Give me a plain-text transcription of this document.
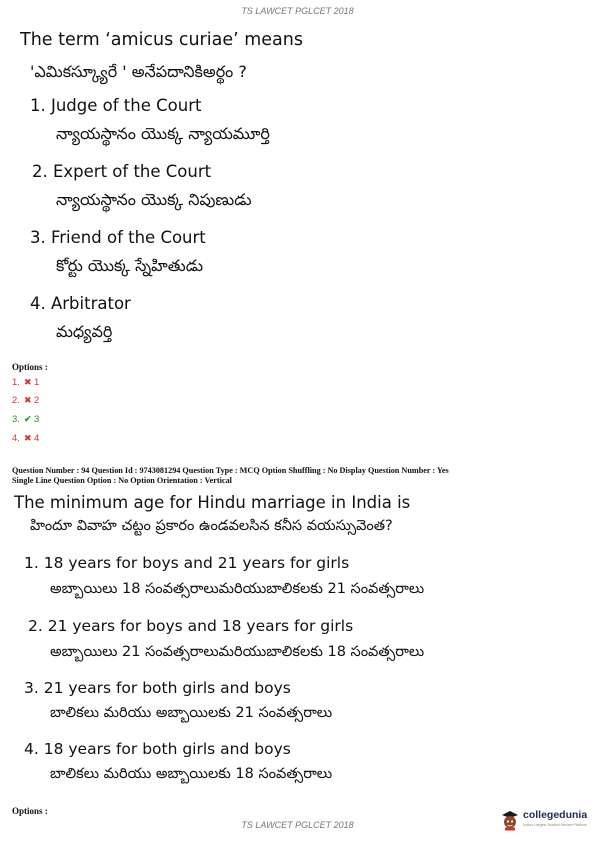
TS LAWCET PGLCET 2018
The term ‘amicus curiae’ means
'ఎమికస్క్యూరే ' అనేపదానికిఅర్థం ?
1. Judge of the Court
న్యాయస్థానం యొక్క న్యాయమూర్తి
2. Expert of the Court
న్యాయస్థానం యొక్క నిపుణుడు
3. Friend of the Court
కోర్టు యొక్క స్నేహితుడు
4. Arbitrator
మధ్యవర్తి
Options :
1. ✖ 1
2. ✖ 2
3. ✔ 3
4. ✖ 4
Question Number : 94 Question Id : 9743081294 Question Type : MCQ Option Shuffling : No Display Question Number : Yes
Single Line Question Option : No Option Orientation : Vertical
The minimum age for Hindu marriage in India is
హిందూ వివాహ చట్టం ప్రకారం ఉండవలసిన కనీస వయస్సువెంత?
1. 18 years for boys and 21 years for girls
అబ్బాయిలు 18 సంవత్సరాలుమరియుబాలికలకు 21 సంవత్సరాలు
2. 21 years for boys and 18 years for girls
అబ్బాయిలు 21 సంవత్సరాలుమరియుబాలికలకు 18 సంవత్సరాలు
3. 21 years for both girls and boys
బాలికలు మరియు అబ్బాయిలకు 21 సంవత్సరాలు
4. 18 years for both girls and boys
బాలికలు మరియు అబ్బాయిలకు 18 సంవత్సరాలు
Options :
TS LAWCET PGLCET 2018
collegedunia
India's Largest Student Review Platform
